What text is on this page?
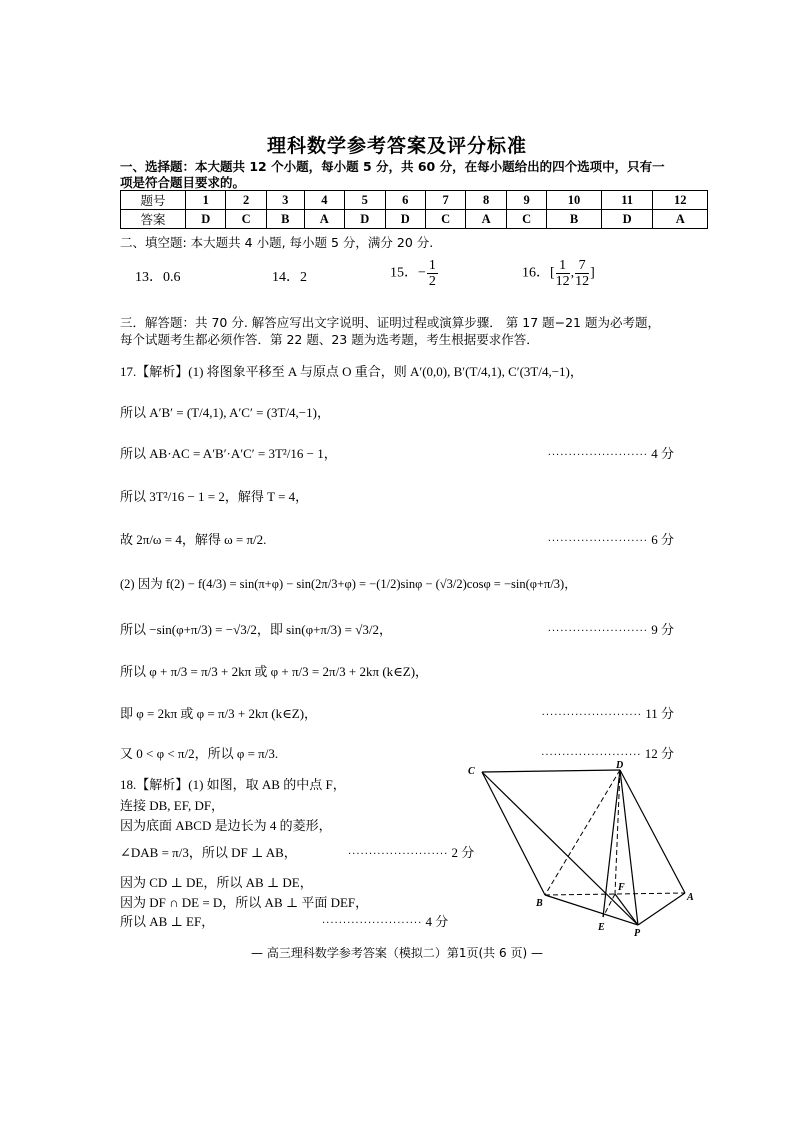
理科数学参考答案及评分标准
一、选择题：本大题共 12 个小题，每小题 5 分，共 60 分，在每小题给出的四个选项中，只有一
项是符合题目要求的。
题号	1	2	3	4	5	6	7	8	9	10	11	12
答案	D	C	B	A	D	D	C	A	C	B	D	A
二、填空题: 本大题共 4 小题, 每小题 5 分，满分 20 分.
13．0.6	14．2	15．− $\frac{1}{2}$	16．[ $\frac{1}{12}$ , $\frac{7}{12}$ ]
三．解答题：共 70 分. 解答应写出文字说明、证明过程或演算步骤． 第 17 题−21 题为必考题，
每个试题考生都必须作答．第 22 题、23 题为选考题，考生根据要求作答．
17.【解析】(1) 将图象平移至 A 与原点 O 重合，则 A′(0,0), B′(T/4,1), C′(3T/4,−1)，
所以 A′B′ = (T/4,1), A′C′ = (3T/4,−1)，
所以 AB·AC = A′B′·A′C′ = 3T²/16 − 1，	························ 4 分
所以 3T²/16 − 1 = 2，解得 T = 4，
故 2π/ω = 4，解得 ω = π/2.	························ 6 分
(2) 因为 f(2) − f(4/3) = sin(π+φ) − sin(2π/3+φ) = −(1/2)sinφ − (√3/2)cosφ = −sin(φ+π/3)，
所以 −sin(φ+π/3) = −√3/2，即 sin(φ+π/3) = √3/2，	························ 9 分
所以 φ + π/3 = π/3 + 2kπ 或 φ + π/3 = 2π/3 + 2kπ (k∈Z)，
即 φ = 2kπ 或 φ = π/3 + 2kπ (k∈Z)，	························ 11 分
又 0 < φ < π/2，所以 φ = π/3.	························ 12 分
18.【解析】(1) 如图，取 AB 的中点 F，
连接 DB, EF, DF，
因为底面 ABCD 是边长为 4 的菱形，
∠DAB = π/3，所以 DF ⊥ AB，	························ 2 分
因为 CD ⊥ DE，所以 AB ⊥ DE，
因为 DF ∩ DE = D，所以 AB ⊥ 平面 DEF，
所以 AB ⊥ EF，	························ 4 分
C
D
F
B
E
A
P
— 高三理科数学参考答案（模拟二）第1页(共 6 页) —
